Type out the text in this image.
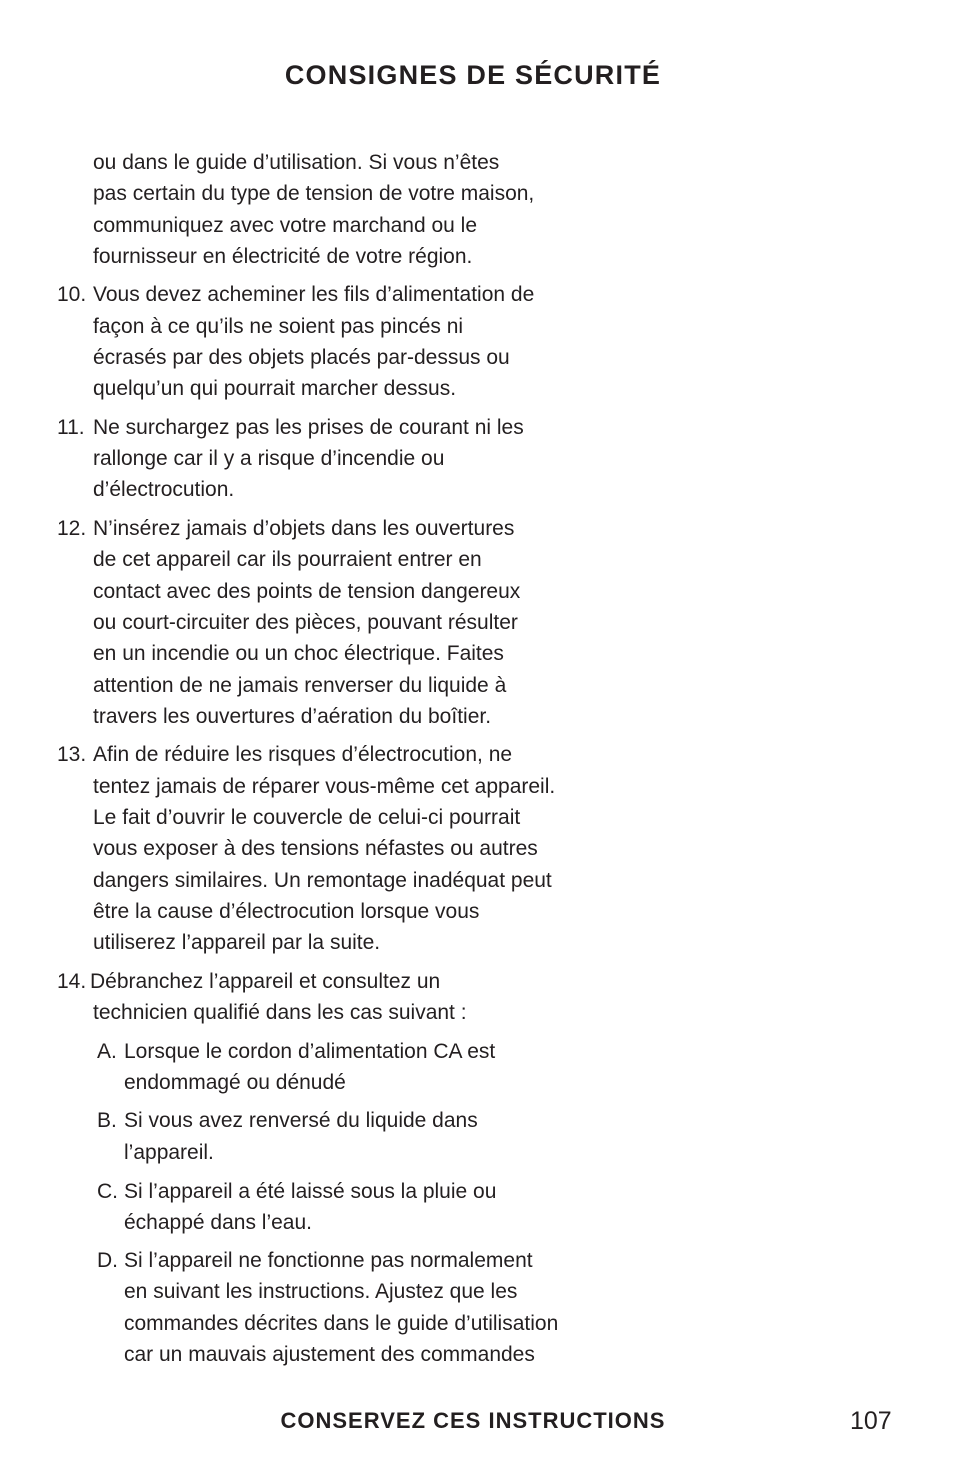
CONSIGNES DE SÉCURITÉ
ou dans le guide d’utilisation. Si vous n’êtes
pas certain du type de tension de votre maison,
communiquez avec votre marchand ou le
fournisseur en électricité de votre région.
10. Vous devez acheminer les fils d’alimentation de
façon à ce qu’ils ne soient pas pincés ni
écrasés par des objets placés par-dessus ou
quelqu’un qui pourrait marcher dessus.
11. Ne surchargez pas les prises de courant ni les
rallonge car il y a risque d’incendie ou
d’électrocution.
12. N’insérez jamais d’objets dans les ouvertures
de cet appareil car ils pourraient entrer en
contact avec des points de tension dangereux
ou court-circuiter des pièces, pouvant résulter
en un incendie ou un choc électrique. Faites
attention de ne jamais renverser du liquide à
travers les ouvertures d’aération du boîtier.
13. Afin de réduire les risques d’électrocution, ne
tentez jamais de réparer vous-même cet appareil.
Le fait d’ouvrir le couvercle de celui-ci pourrait
vous exposer à des tensions néfastes ou autres
dangers similaires. Un remontage inadéquat peut
être la cause d’électrocution lorsque vous
utiliserez l’appareil par la suite.
14. Débranchez l’appareil et consultez un
technicien qualifié dans les cas suivant :
A. Lorsque le cordon d’alimentation CA est
endommagé ou dénudé
B. Si vous avez renversé du liquide dans
l’appareil.
C. Si l’appareil a été laissé sous la pluie ou
échappé dans l’eau.
D. Si l’appareil ne fonctionne pas normalement
en suivant les instructions. Ajustez que les
commandes décrites dans le guide d’utilisation
car un mauvais ajustement des commandes
CONSERVEZ CES INSTRUCTIONS	107
